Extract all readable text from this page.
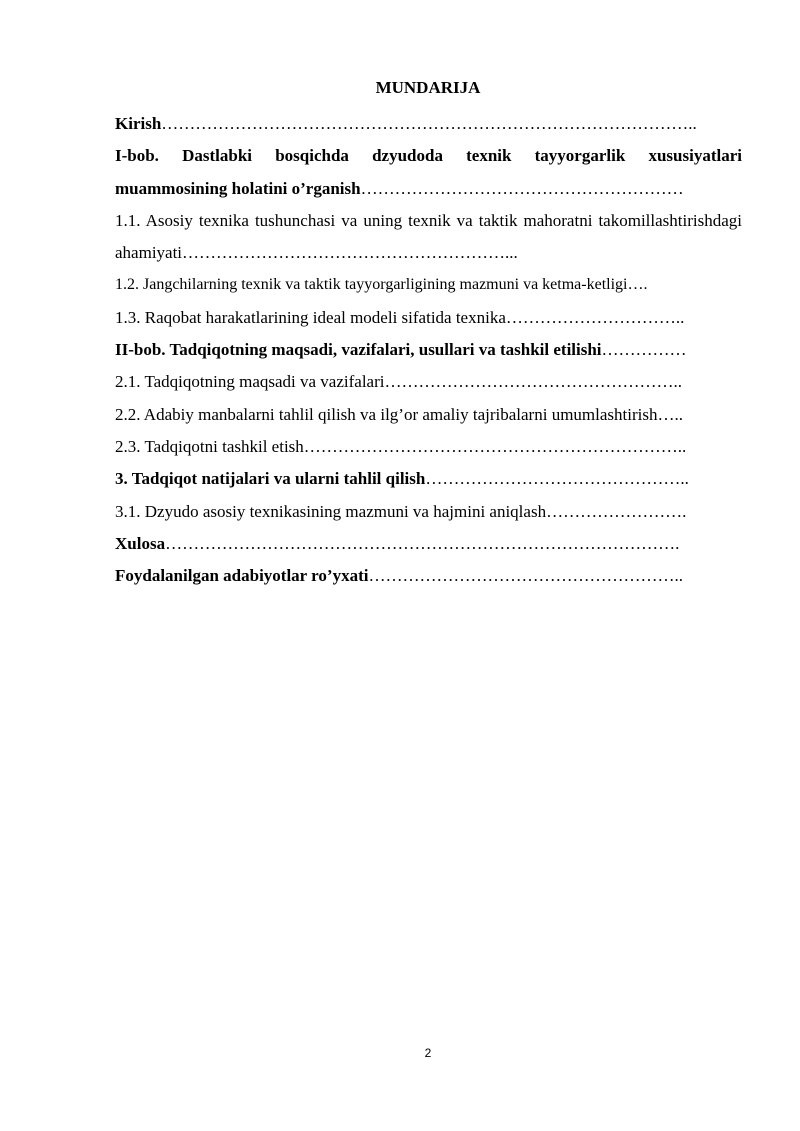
MUNDARIJA

Kirish…………………………………………………………………………………..

I-bob. Dastlabki bosqichda dzyudoda texnik tayyorgarlik xususiyatlari muammosining holatini o’rganish…………………………………………………

1.1. Asosiy texnika tushunchasi va uning texnik va taktik mahoratni takomillashtirishdagi ahamiyati…………………………………………………...

1.2. Jangchilarning texnik va taktik tayyorgarligining mazmuni va ketma-ketligi….

1.3. Raqobat harakatlarining ideal modeli sifatida texnika…………………………..

II-bob. Tadqiqotning maqsadi, vazifalari, usullari va tashkil etilishi……………

2.1. Tadqiqotning maqsadi va vazifalari……………………………………………..

2.2. Adabiy manbalarni tahlil qilish va ilg’or amaliy tajribalarni umumlashtirish…..

2.3. Tadqiqotni tashkil etish…………………………………………………………..

3. Tadqiqot natijalari va ularni tahlil qilish………………………………………..

3.1. Dzyudo asosiy texnikasining mazmuni va hajmini aniqlash…………………….

Xulosa……………………………………………………………………………….

Foydalanilgan adabiyotlar ro’yxati………………………………………………..

2
